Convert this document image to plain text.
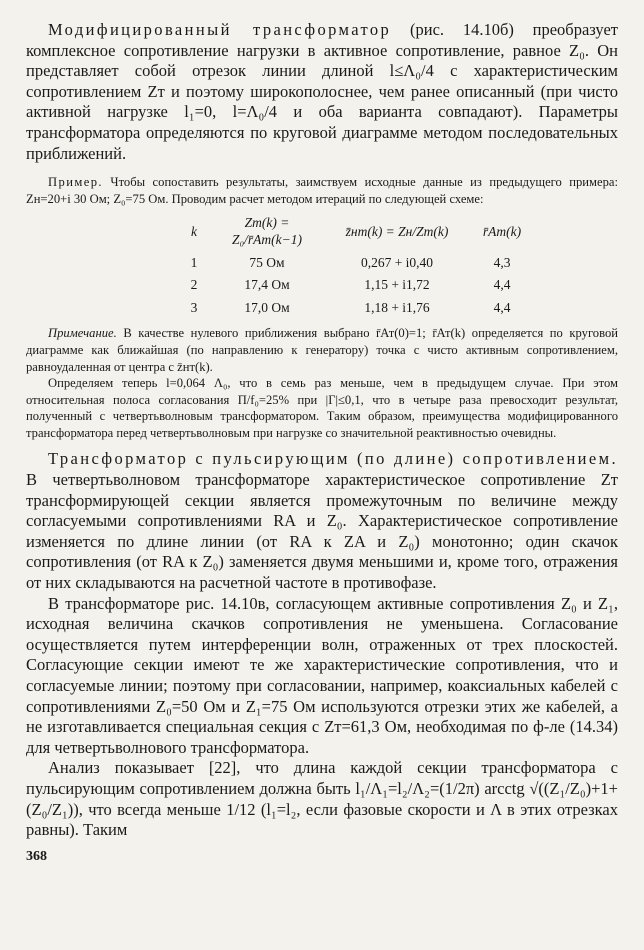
Модифицированный трансформатор (рис. 14.10б) преобразует комплексное сопротивление нагрузки в активное сопротивление, равное Z₀. Он представляет собой отрезок линии длиной l≤Λ₀/4 с характеристическим сопротивлением Zт и поэтому широкополоснее, чем ранее описанный (при чисто активной нагрузке l₁=0, l=Λ₀/4 и оба варианта совпадают). Параметры трансформатора определяются по круговой диаграмме методом последовательных приближений.

Пример. Чтобы сопоставить результаты, заимствуем исходные данные из предыдущего примера: Zн=20+i 30 Ом; Z₀=75 Ом. Проводим расчет методом итераций по следующей схеме:

k	Zт(k) = Z₀/r̄Ат(k−1)	z̄нт(k) = Zн/Zт(k)	r̄Ат(k)
1	75 Ом	0,267 + i0,40	4,3
2	17,4 Ом	1,15 + i1,72	4,4
3	17,0 Ом	1,18 + i1,76	4,4

Примечание. В качестве нулевого приближения выбрано r̄Ат(0)=1; r̄Ат(k) определяется по круговой диаграмме как ближайшая (по направлению к генератору) точка с чисто активным сопротивлением, равноудаленная от центра с z̄нт(k).

Определяем теперь l=0,064 Λ₀, что в семь раз меньше, чем в предыдущем случае. При этом относительная полоса согласования П/f₀=25% при |Γ|≤0,1, что в четыре раза превосходит результат, полученный с четвертьволновым трансформатором. Таким образом, преимущества модифицированного трансформатора перед четвертьволновым при нагрузке со значительной реактивностью очевидны.

Трансформатор с пульсирующим (по длине) сопротивлением. В четвертьволновом трансформаторе характеристическое сопротивление Zт трансформирующей секции является промежуточным по величине между согласуемыми сопротивлениями RA и Z₀. Характеристическое сопротивление изменяется по длине линии (от RA к ZA и Z₀) монотонно; один скачок сопротивления (от RA к Z₀) заменяется двумя меньшими и, кроме того, отражения от них складываются на расчетной частоте в противофазе.

В трансформаторе рис. 14.10в, согласующем активные сопротивления Z₀ и Z₁, исходная величина скачков сопротивления не уменьшена. Согласование осуществляется путем интерференции волн, отраженных от трех плоскостей. Согласующие секции имеют те же характеристические сопротивления, что и согласуемые линии; поэтому при согласовании, например, коаксиальных кабелей с сопротивлениями Z₀=50 Ом и Z₁=75 Ом используются отрезки этих же кабелей, а не изготавливается специальная секция с Zт=61,3 Ом, необходимая по ф-ле (14.34) для четвертьволнового трансформатора.

Анализ показывает [22], что длина каждой секции трансформатора с пульсирующим сопротивлением должна быть l₁/Λ₁=l₂/Λ₂=(1/2π) arcctg √((Z₁/Z₀)+1+(Z₀/Z₁)), что всегда меньше 1/12 (l₁=l₂, если фазовые скорости и Λ в этих отрезках равны). Таким

368
